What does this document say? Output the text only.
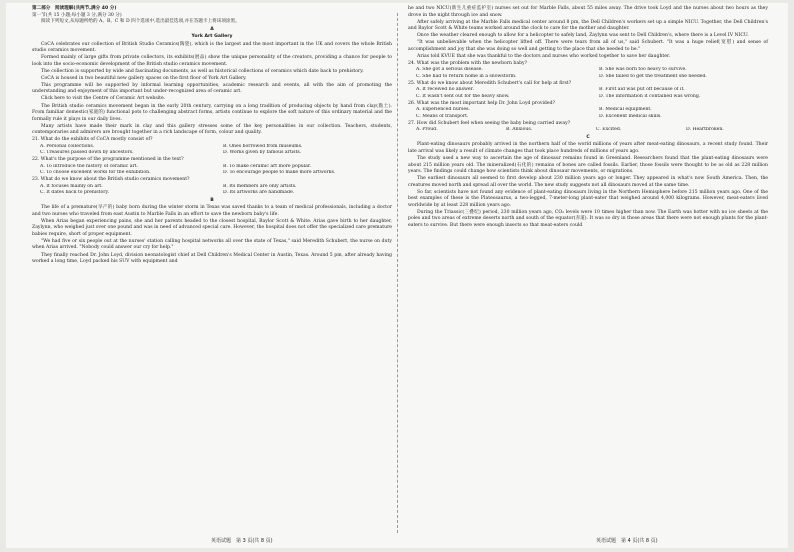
第二部分　阅读理解(共两节,满分 40 分)
第一节(共 15 小题;每小题 3 分,满分 30 分)

阅读下列短文,从每题所给的 A、B、C 和 D 四个选项中,选出最佳选项,并在答题卡上将该项涂黑。

A
York Art Gallery

CoCA celebrates our collection of British Studio Ceramics(陶瓷), which is the largest and the most important in the UK and covers the whole British studio ceramics movement.

Formed mainly of large gifts from private collectors, its exhibits(展品) show the unique personality of the creators, providing a chance for people to look into the socio-economic development of the British studio ceramics movement.

The collection is supported by wide and fascinating documents, as well as historical collections of ceramics which date back to prehistory.

CoCA is housed in two beautiful new gallery spaces on the first floor of York Art Gallery.

This programme will be supported by informal learning opportunities, academic research and events, all with the aim of promoting the understanding and enjoyment of this important but under-recognized area of ceramic art.

Click here to visit the Centre of Ceramic Art website.

The British studio ceramics movement began in the early 20th century, carrying on a long tradition of producing objects by hand from clay(黏土). From familiar domestic(家庭的) functional pots to challenging abstract forms, artists continue to explore the soft nature of this ordinary material and the formally rule it plays in our daily lives.

Many artists have made their mark in clay and this gallery stresses some of the key personalities in our collection. Teachers, students, contemporaries and admirers are brought together in a rich landscape of form, colour and quality.

21. What do the exhibits of CoCA mostly consist of?
A. Personal collections.	B. Ones borrowed from museums.
C. Treasures passed down by ancestors.	D. Works given by famous artists.
22. What's the purpose of the programme mentioned in the text?
A. To introduce the history of ceramic art.	B. To make ceramic art more popular.
C. To choose excellent works for the exhibition.	D. To encourage people to make more artworks.
23. What do we know about the British studio ceramics movement?
A. It focuses mainly on art.	B. Its members are only artists.
C. It dates back to prehistory.	D. Its artworks are handmade.
B

The life of a premature(早产的) baby born during the winter storm in Texas was saved thanks to a team of medical professionals, including a doctor and two nurses who traveled from east Austin to Marble Falls in an effort to save the newborn baby's life.

When Arias began experiencing pains, she and her parents headed to the closest hospital, Baylor Scott & White. Arias gave birth to her daughter, Zaylynn, who weighed just over one pound and was in need of advanced special care. However, the hospital does not offer the specialized care premature babies require, short of proper equipment.

"We had five or six people out at the nurses' station calling hospital networks all over the state of Texas," said Meredith Schubert, the nurse on duty when Arias arrived. "Nobody could answer our cry for help."

They finally reached Dr. John Loyd, division neonatologist chief at Dell Children's Medical Center in Austin, Texas. Around 5 pm, after already having worked a long time, Loyd packed his SUV with equipment and

he and two NICU(新生儿重症监护室) nurses set out for Marble Falls, about 55 miles away. The drive took Loyd and the nurses about two hours as they drove in the night through ice and snow.

After safely arriving at the Marble Falls medical center around 8 pm, the Dell Children's workers set up a simple NICU. Together, the Dell Children's and Baylor Scott & White teams worked around the clock to care for the mother and daughter.

Once the weather cleared enough to allow for a helicopter to safely land, Zaylynn was sent to Dell Children's, where there is a Level IV NICU.

"It was unbelievable when the helicopter lifted off. There were tears from all of us," said Schubert. "It was a huge relief(宽慰) and sense of accomplishment and joy that she was doing so well and getting to the place that she needed to be."

Arias told KVUE that she was thankful to the doctors and nurses who worked together to save her daughter.

24. What was the problem with the newborn baby?
A. She got a serious disease.	B. She was born too heavy to survive.
C. She had to return home in a snowstorm.	D. She failed to get the treatment she needed.
25. What do we know about Meredith Schubert's call for help at first?
A. It received no answer.	B. First aid was put off because of it.
C. It wasn't sent out for the heavy snow.	D. The information it contained was wrong.
26. What was the most important help Dr. John Loyd provided?
A. Experienced nurses.	B. Medical equipment.
C. Means of transport.	D. Excellent medical skills.
27. How did Schubert feel when seeing the baby being carried away?
A. Proud.	B. Anxious.	C. Excited.	D. Heartbroken.
C

Plant-eating dinosaurs probably arrived in the northern half of the world millions of years after meat-eating dinosaurs, a recent study found. Their late arrival was likely a result of climate changes that took place hundreds of millions of years ago.

The study used a new way to ascertain the age of dinosaur remains found in Greenland. Researchers found that the plant-eating dinosaurs were about 215 million years old. The mineralized(石化的) remains of bones are called fossils. Earlier, those fossils were thought to be as old as 228 million years. The findings could change how scientists think about dinosaur movements, or migrations.

The earliest dinosaurs all seemed to first develop about 230 million years ago or longer. They appeared in what's now South America. Then, the creatures moved north and spread all over the world. The new study suggests not all dinosaurs moved at the same time.

So far, scientists have not found any evidence of plant-eating dinosaurs living in the Northern Hemisphere before 215 million years ago. One of the best examples of these is the Plateosaurus, a two-legged, 7-meter-long plant-eater that weighed around 4,000 kilograms. However, meat-eaters lived worldwide by at least 228 million years ago.

During the Triassic(三叠纪) period, 230 million years ago, CO₂ levels were 10 times higher than now. The Earth was hotter with no ice sheets at the poles and two areas of extreme deserts north and south of the equator(赤道). It was so dry in those areas that there were not enough plants for the plant-eaters to survive. But there were enough insects so that meat-eaters could

英语试题　第 3 页(共 8 页)	英语试题　第 4 页(共 8 页)
